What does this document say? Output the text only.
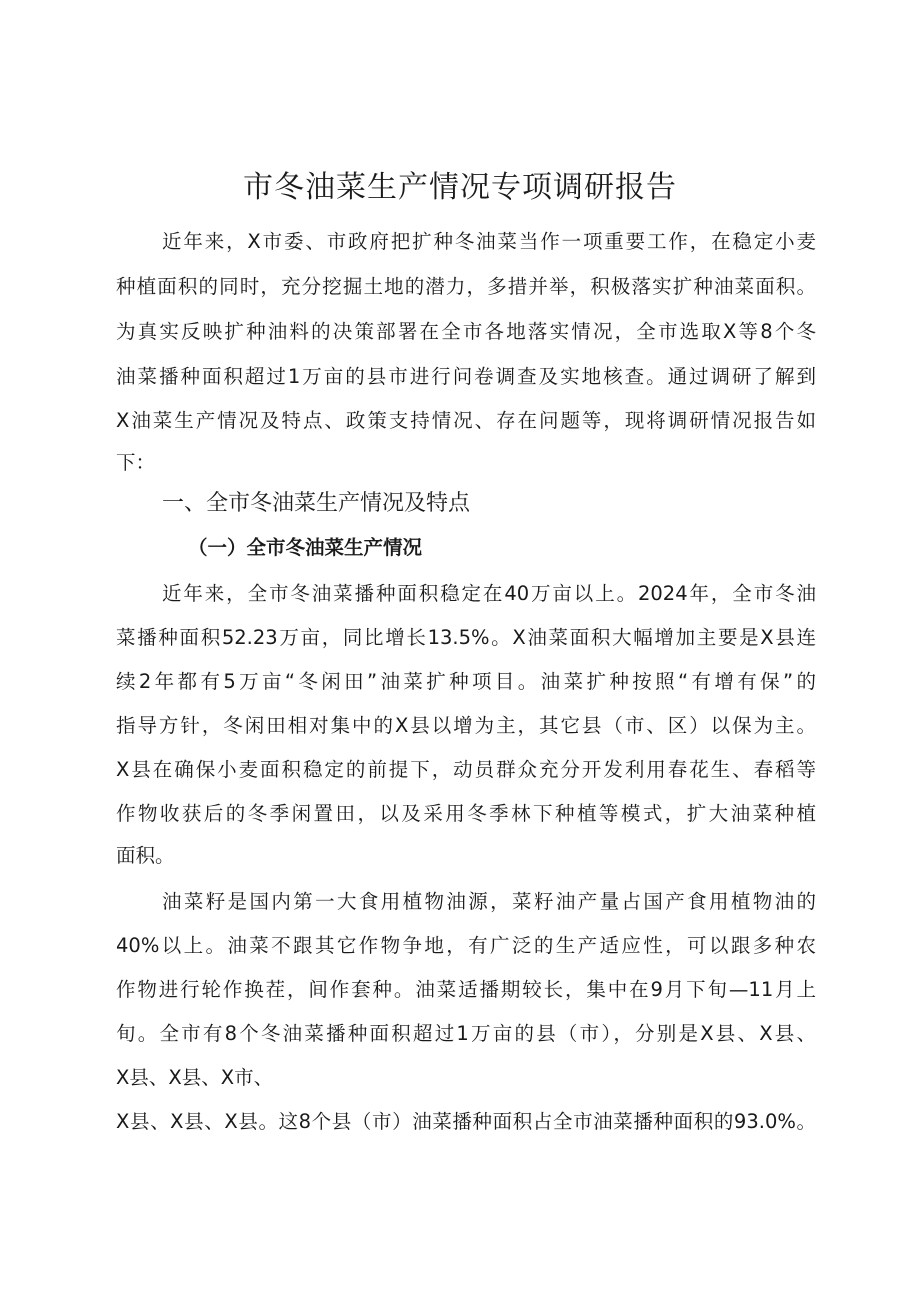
市冬油菜生产情况专项调研报告
近年来，X市委、市政府把扩种冬油菜当作一项重要工作，在稳定小麦
种植面积的同时，充分挖掘土地的潜力，多措并举，积极落实扩种油菜面积。
为真实反映扩种油料的决策部署在全市各地落实情况，全市选取X等8个冬
油菜播种面积超过1万亩的县市进行问卷调查及实地核查。通过调研了解到
X油菜生产情况及特点、政策支持情况、存在问题等，现将调研情况报告如
下：
一、全市冬油菜生产情况及特点
（一）全市冬油菜生产情况
近年来，全市冬油菜播种面积稳定在40万亩以上。2024年，全市冬油
菜播种面积52.23万亩，同比增长13.5%。X油菜面积大幅增加主要是X县连
续2年都有5万亩“冬闲田”油菜扩种项目。油菜扩种按照“有增有保”的
指导方针，冬闲田相对集中的X县以增为主，其它县（市、区）以保为主。
X县在确保小麦面积稳定的前提下，动员群众充分开发利用春花生、春稻等
作物收获后的冬季闲置田，以及采用冬季林下种植等模式，扩大油菜种植
面积。
油菜籽是国内第一大食用植物油源，菜籽油产量占国产食用植物油的
40%以上。油菜不跟其它作物争地，有广泛的生产适应性，可以跟多种农
作物进行轮作换茬，间作套种。油菜适播期较长，集中在9月下旬—11月上
旬。全市有8个冬油菜播种面积超过1万亩的县（市），分别是X县、X县、
X县、X县、X市、
X县、X县、X县。这8个县（市）油菜播种面积占全市油菜播种面积的93.0%。
